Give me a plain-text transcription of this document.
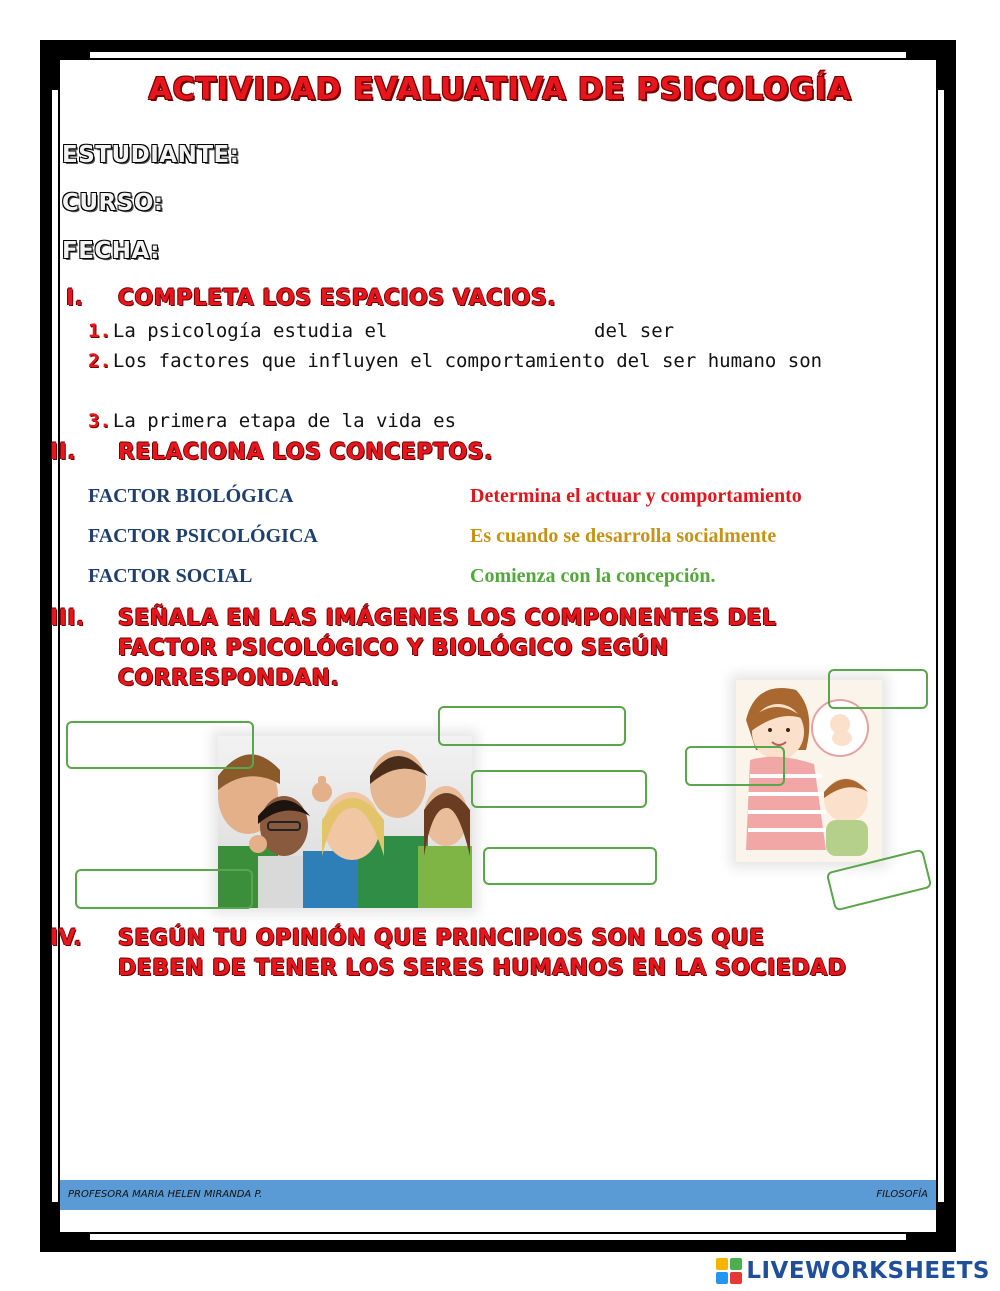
ACTIVIDAD EVALUATIVA DE PSICOLOGÍA
ESTUDIANTE:
CURSO:
FECHA:
I. COMPLETA LOS ESPACIOS VACIOS.
1. La psicología estudia el	del ser
2. Los factores que influyen el comportamiento del ser humano son
3. La primera etapa de la vida es
II. RELACIONA LOS CONCEPTOS.
FACTOR BIOLÓGICA
FACTOR PSICOLÓGICA
FACTOR SOCIAL
Determina el actuar y comportamiento
Es cuando se desarrolla socialmente
Comienza con la concepción.
III. SEÑALA EN LAS IMÁGENES LOS COMPONENTES DEL
FACTOR PSICOLÓGICO Y BIOLÓGICO SEGÚN
CORRESPONDAN.
IV. SEGÚN TU OPINIÓN QUE PRINCIPIOS SON LOS QUE
DEBEN DE TENER LOS SERES HUMANOS EN LA SOCIEDAD
PROFESORA MARIA HELEN MIRANDA P.	FILOSOFÍA
LIVEWORKSHEETS
